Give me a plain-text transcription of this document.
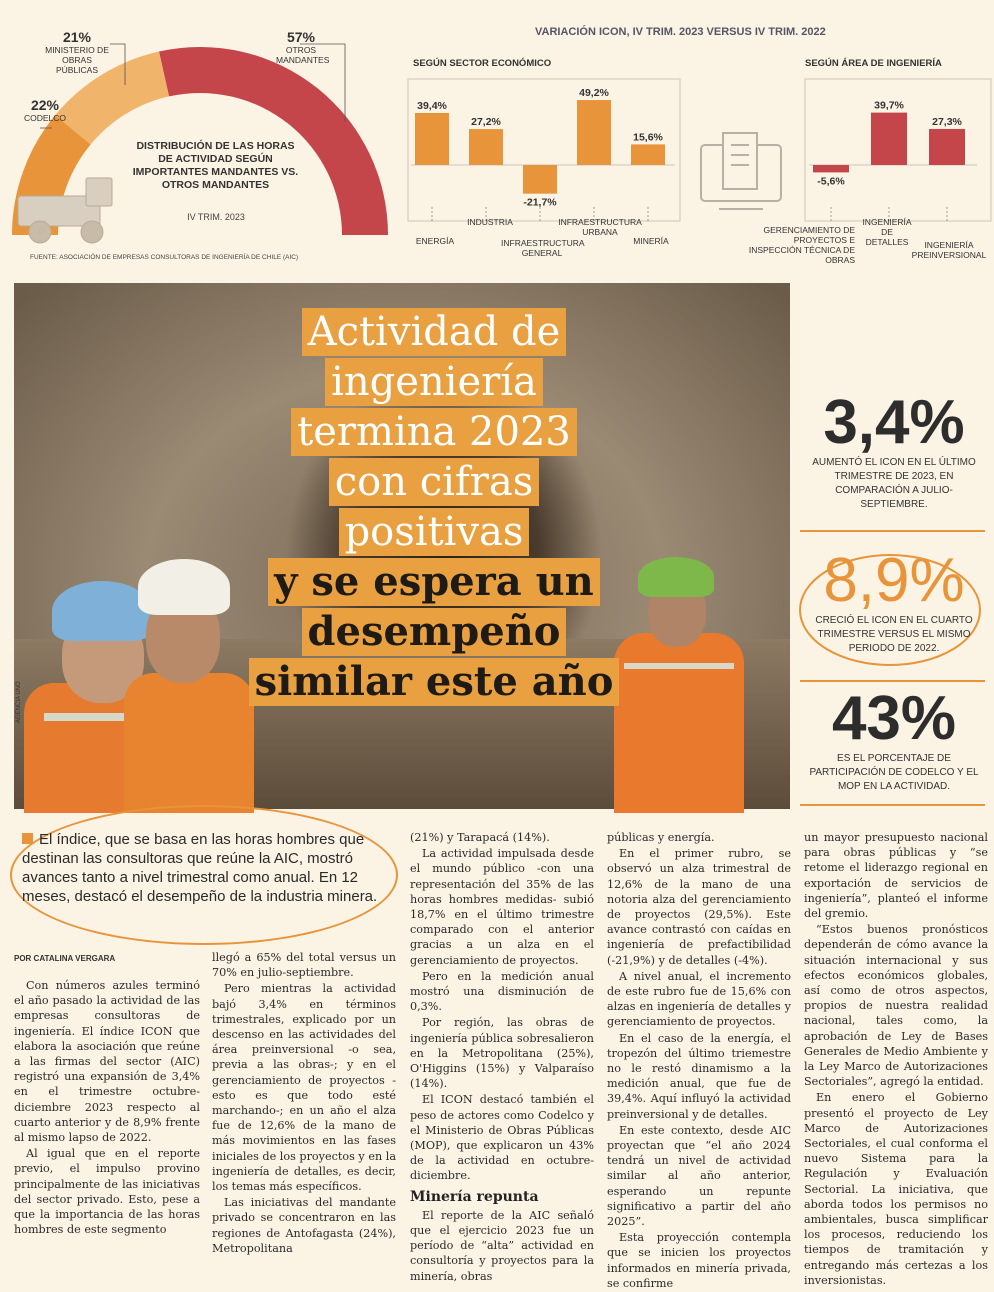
22%
CODELCO
21%
MINISTERIO DE OBRAS PÚBLICAS
57%
OTROS MANDANTES
DISTRIBUCIÓN DE LAS HORAS DE ACTIVIDAD SEGÚN IMPORTANTES MANDANTES VS. OTROS MANDANTES
IV TRIM. 2023
FUENTE: ASOCIACIÓN DE EMPRESAS CONSULTORAS DE INGENIERÍA DE CHILE (AIC)
VARIACIÓN ICON, IV TRIM. 2023 VERSUS IV TRIM. 2022
SEGÚN SECTOR ECONÓMICO	SEGÚN ÁREA DE INGENIERÍA
39,4%
27,2%
-21,7%
49,2%
15,6%
-5,6%
39,7%
27,3%
ENERGÍA
INDUSTRIA
INFRAESTRUCTURA GENERAL
INFRAESTRUCTURA URBANA
MINERÍA
GERENCIAMIENTO DE PROYECTOS E INSPECCIÓN TÉCNICA DE OBRAS
INGENIERÍA DE DETALLES	INGENIERÍA PREINVERSIONAL
Actividad de
ingeniería
termina 2023
con cifras
positivas
y se espera un
desempeño
similar este año
AGENCIA UNO
3,4%
AUMENTÓ EL ICON EN EL ÚLTIMO TRIMESTRE DE 2023, EN COMPARACIÓN A JULIO-SEPTIEMBRE.
8,9%
CRECIÓ EL ICON EN EL CUARTO TRIMESTRE VERSUS EL MISMO PERIODO DE 2022.
43%
ES EL PORCENTAJE DE PARTICIPACIÓN DE CODELCO Y EL MOP EN LA ACTIVIDAD.
El índice, que se basa en las horas hombres que destinan las consultoras que reúne la AIC, mostró avances tanto a nivel trimestral como anual. En 12 meses, destacó el desempeño de la industria minera.
POR CATALINA VERGARA

Con números azules terminó el año pasado la actividad de las empresas consultoras de ingeniería. El índice ICON que elabora la asociación que reúne a las firmas del sector (AIC) registró una expansión de 3,4% en el trimestre octubre-diciembre 2023 respecto al cuarto anterior y de 8,9% frente al mismo lapso de 2022.

Al igual que en el reporte previo, el impulso provino principalmente de las iniciativas del sector privado. Esto, pese a que la importancia de las horas hombres de este segmento

llegó a 65% del total versus un 70% en julio-septiembre.

Pero mientras la actividad bajó 3,4% en términos trimestrales, explicado por un descenso en las actividades del área preinversional -o sea, previa a las obras-; y en el gerenciamiento de proyectos -esto es que todo esté marchando-; en un año el alza fue de 12,6% de la mano de más movimientos en las fases iniciales de los proyectos y en la ingeniería de detalles, es decir, los temas más específicos.

Las iniciativas del mandante privado se concentraron en las regiones de Antofagasta (24%), Metropolitana

(21%) y Tarapacá (14%).

La actividad impulsada desde el mundo público -con una representación del 35% de las horas hombres medidas- subió 18,7% en el último trimestre comparado con el anterior gracias a un alza en el gerenciamiento de proyectos.

Pero en la medición anual mostró una disminución de 0,3%.

Por región, las obras de ingeniería pública sobresalieron en la Metropolitana (25%), O'Higgins (15%) y Valparaíso (14%).

El ICON destacó también el peso de actores como Codelco y el Ministerio de Obras Públicas (MOP), que explicaron un 43% de la actividad en octubre-diciembre.

Minería repunta

El reporte de la AIC señaló que el ejercicio 2023 fue un período de “alta” actividad en consultoría y proyectos para la minería, obras

públicas y energía.

En el primer rubro, se observó un alza trimestral de 12,6% de la mano de una notoria alza del gerenciamiento de proyectos (29,5%). Este avance contrastó con caídas en ingeniería de prefactibilidad (-21,9%) y de detalles (-4%).

A nivel anual, el incremento de este rubro fue de 15,6% con alzas en ingeniería de detalles y gerenciamiento de proyectos.

En el caso de la energía, el tropezón del último triemestre no le restó dinamismo a la medición anual, que fue de 39,4%. Aquí influyó la actividad preinversional y de detalles.

En este contexto, desde AIC proyectan que “el año 2024 tendrá un nivel de actividad similar al año anterior, esperando un repunte significativo a partir del año 2025”.

Esta proyección contempla que se inicien los proyectos informados en minería privada, se confirme

un mayor presupuesto nacional para obras públicas y “se retome el liderazgo regional en exportación de servicios de ingeniería”, planteó el informe del gremio.

“Estos buenos pronósticos dependerán de cómo avance la situación internacional y sus efectos económicos globales, así como de otros aspectos, propios de nuestra realidad nacional, tales como, la aprobación de Ley de Bases Generales de Medio Ambiente y la Ley Marco de Autorizaciones Sectoriales”, agregó la entidad.

En enero el Gobierno presentó el proyecto de Ley Marco de Autorizaciones Sectoriales, el cual conforma el nuevo Sistema para la Regulación y Evaluación Sectorial. La iniciativa, que aborda todos los permisos no ambientales, busca simplificar los procesos, reduciendo los tiempos de tramitación y entregando más certezas a los inversionistas.
